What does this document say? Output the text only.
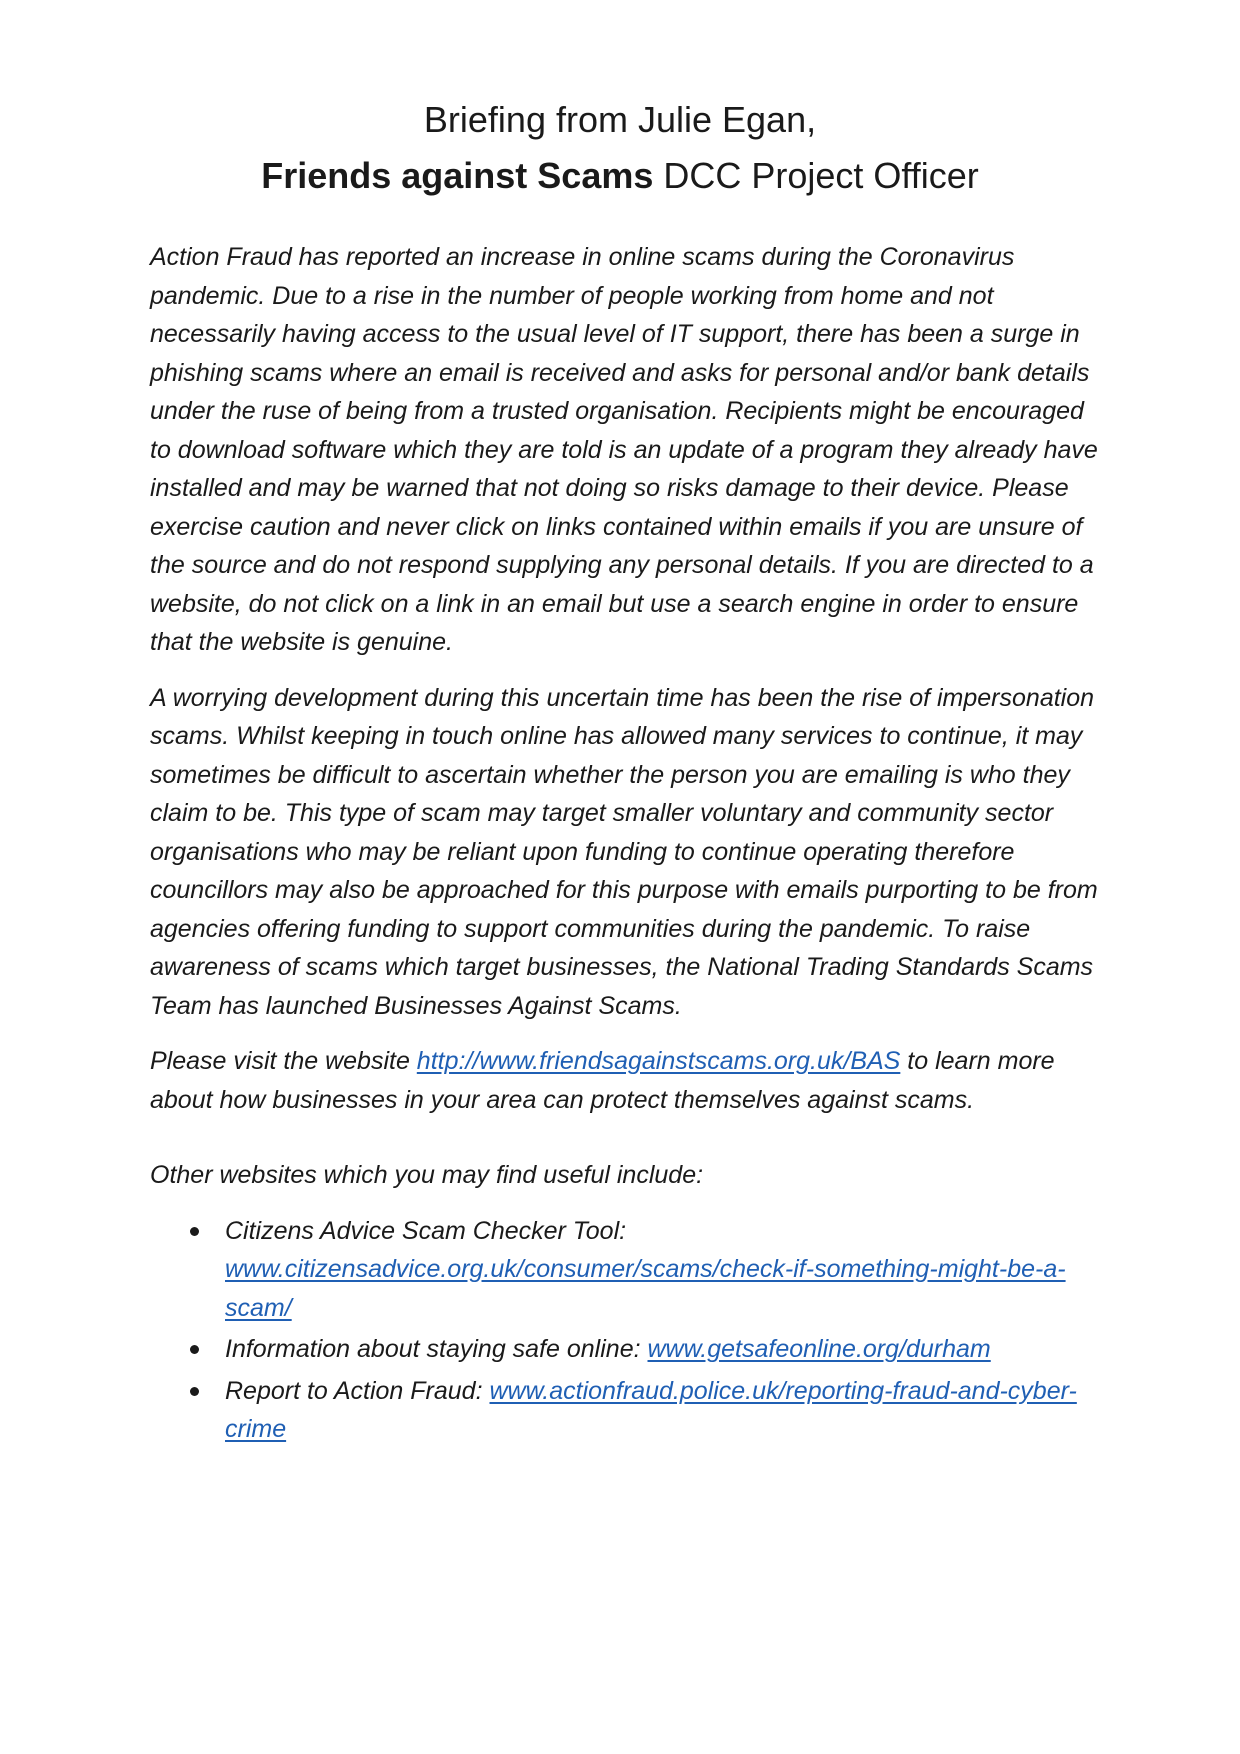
Briefing from Julie Egan,
Friends against Scams DCC Project Officer

Action Fraud has reported an increase in online scams during the Coronavirus pandemic. Due to a rise in the number of people working from home and not necessarily having access to the usual level of IT support, there has been a surge in phishing scams where an email is received and asks for personal and/or bank details under the ruse of being from a trusted organisation. Recipients might be encouraged to download software which they are told is an update of a program they already have installed and may be warned that not doing so risks damage to their device. Please exercise caution and never click on links contained within emails if you are unsure of the source and do not respond supplying any personal details. If you are directed to a website, do not click on a link in an email but use a search engine in order to ensure that the website is genuine.

A worrying development during this uncertain time has been the rise of impersonation scams. Whilst keeping in touch online has allowed many services to continue, it may sometimes be difficult to ascertain whether the person you are emailing is who they claim to be. This type of scam may target smaller voluntary and community sector organisations who may be reliant upon funding to continue operating therefore councillors may also be approached for this purpose with emails purporting to be from agencies offering funding to support communities during the pandemic. To raise awareness of scams which target businesses, the National Trading Standards Scams Team has launched Businesses Against Scams.

Please visit the website http://www.friendsagainstscams.org.uk/BAS to learn more about how businesses in your area can protect themselves against scams.

Other websites which you may find useful include:

Citizens Advice Scam Checker Tool: www.citizensadvice.org.uk/consumer/scams/check-if-something-might-be-a-scam/
Information about staying safe online: www.getsafeonline.org/durham
Report to Action Fraud: www.actionfraud.police.uk/reporting-fraud-and-cyber-crime
